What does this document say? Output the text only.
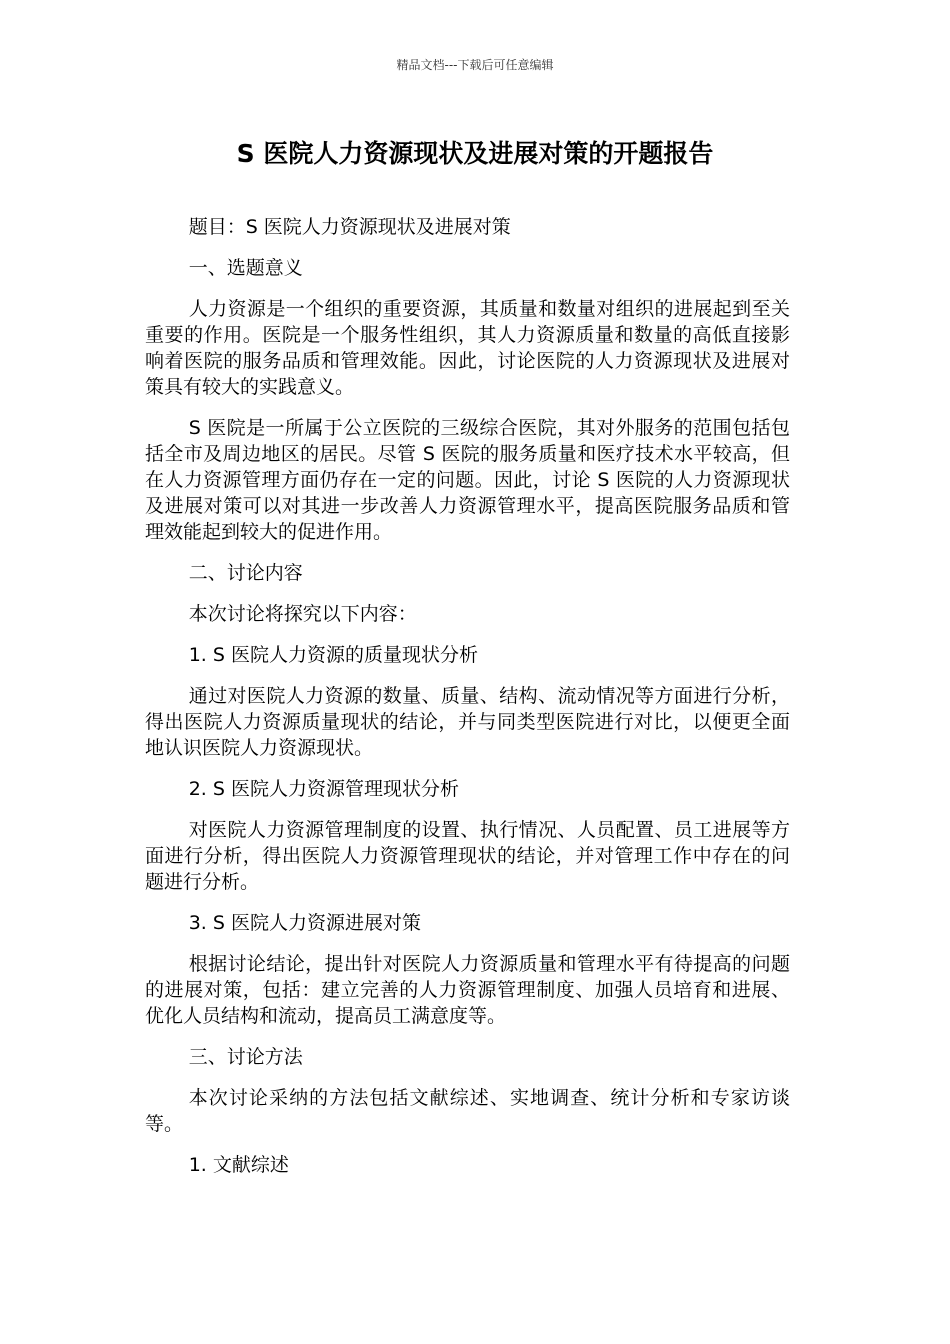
精品文档---下载后可任意编辑
S 医院人力资源现状及进展对策的开题报告

题目：S 医院人力资源现状及进展对策

一、选题意义

人力资源是一个组织的重要资源，其质量和数量对组织的进展起到至关重要的作用。医院是一个服务性组织，其人力资源质量和数量的高低直接影响着医院的服务品质和管理效能。因此，讨论医院的人力资源现状及进展对策具有较大的实践意义。

S 医院是一所属于公立医院的三级综合医院，其对外服务的范围包括包括全市及周边地区的居民。尽管 S 医院的服务质量和医疗技术水平较高，但在人力资源管理方面仍存在一定的问题。因此，讨论 S 医院的人力资源现状及进展对策可以对其进一步改善人力资源管理水平，提高医院服务品质和管理效能起到较大的促进作用。

二、讨论内容

本次讨论将探究以下内容：

1. S 医院人力资源的质量现状分析

通过对医院人力资源的数量、质量、结构、流动情况等方面进行分析，得出医院人力资源质量现状的结论，并与同类型医院进行对比，以便更全面地认识医院人力资源现状。

2. S 医院人力资源管理现状分析

对医院人力资源管理制度的设置、执行情况、人员配置、员工进展等方面进行分析，得出医院人力资源管理现状的结论，并对管理工作中存在的问题进行分析。

3. S 医院人力资源进展对策

根据讨论结论，提出针对医院人力资源质量和管理水平有待提高的问题的进展对策，包括：建立完善的人力资源管理制度、加强人员培育和进展、优化人员结构和流动，提高员工满意度等。

三、讨论方法

本次讨论采纳的方法包括文献综述、实地调查、统计分析和专家访谈等。

1. 文献综述
